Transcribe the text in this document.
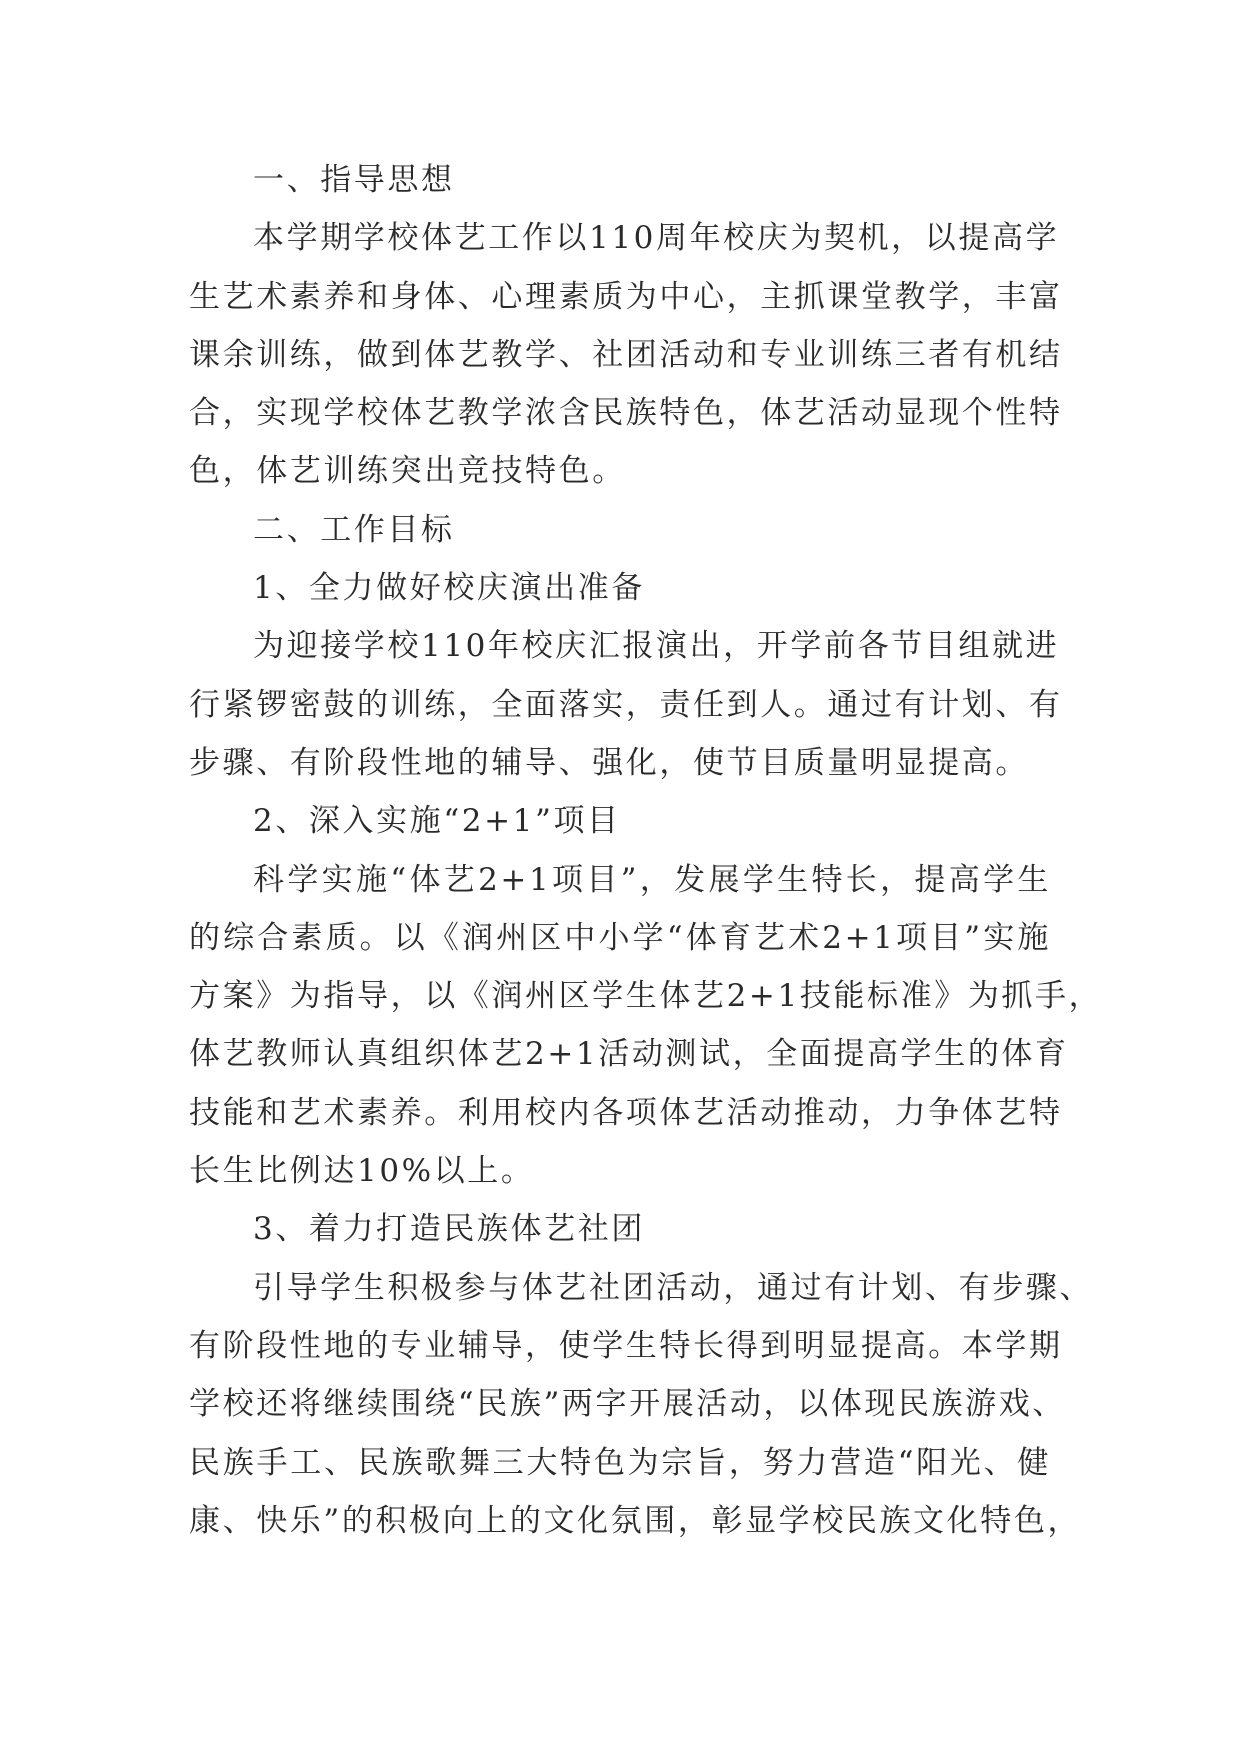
一、指导思想
本学期学校体艺工作以110周年校庆为契机，以提高学
生艺术素养和身体、心理素质为中心，主抓课堂教学，丰富
课余训练，做到体艺教学、社团活动和专业训练三者有机结
合，实现学校体艺教学浓含民族特色，体艺活动显现个性特
色，体艺训练突出竞技特色。
二、工作目标
1、全力做好校庆演出准备
为迎接学校110年校庆汇报演出，开学前各节目组就进
行紧锣密鼓的训练，全面落实，责任到人。通过有计划、有
步骤、有阶段性地的辅导、强化，使节目质量明显提高。
2、深入实施“2+1”项目
科学实施“体艺2+1项目”，发展学生特长，提高学生
的综合素质。以《润州区中小学“体育艺术2+1项目”实施
方案》为指导，以《润州区学生体艺2+1技能标准》为抓手，
体艺教师认真组织体艺2+1活动测试，全面提高学生的体育
技能和艺术素养。利用校内各项体艺活动推动，力争体艺特
长生比例达10%以上。
3、着力打造民族体艺社团
引导学生积极参与体艺社团活动，通过有计划、有步骤、
有阶段性地的专业辅导，使学生特长得到明显提高。本学期
学校还将继续围绕“民族”两字开展活动，以体现民族游戏、
民族手工、民族歌舞三大特色为宗旨，努力营造“阳光、健
康、快乐”的积极向上的文化氛围，彰显学校民族文化特色，
